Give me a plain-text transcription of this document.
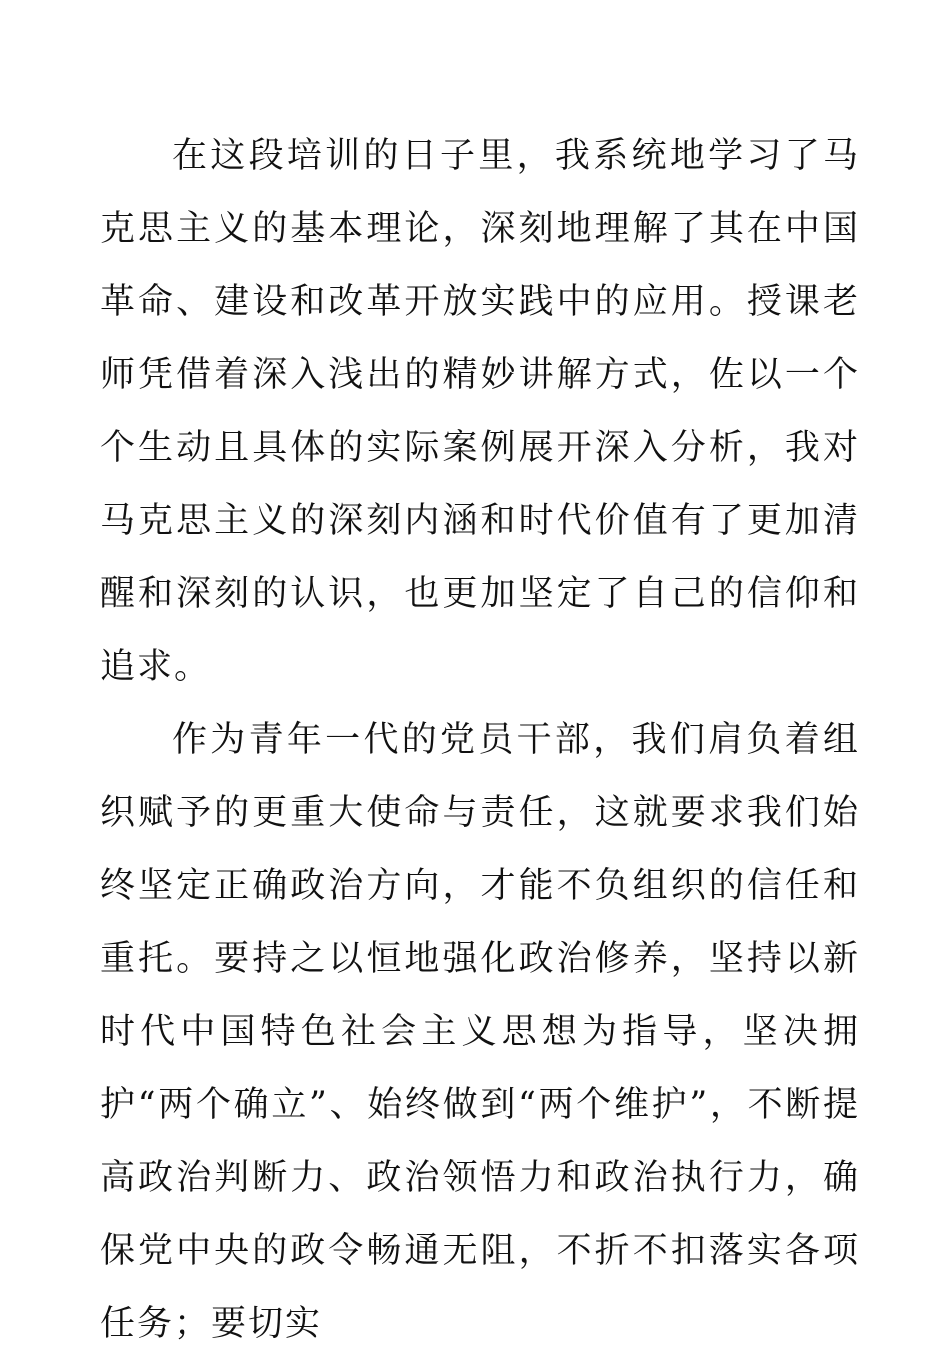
在这段培训的日子里，我系统地学习了马克思主义的基本理论，深刻地理解了其在中国革命、建设和改革开放实践中的应用。授课老师凭借着深入浅出的精妙讲解方式，佐以一个个生动且具体的实际案例展开深入分析，我对马克思主义的深刻内涵和时代价值有了更加清醒和深刻的认识，也更加坚定了自己的信仰和追求。

作为青年一代的党员干部，我们肩负着组织赋予的更重大使命与责任，这就要求我们始终坚定正确政治方向，才能不负组织的信任和重托。要持之以恒地强化政治修养，坚持以新时代中国特色社会主义思想为指导，坚决拥护“两个确立”、始终做到“两个维护”，不断提高政治判断力、政治领悟力和政治执行力，确保党中央的政令畅通无阻，不折不扣落实各项任务；要切实
